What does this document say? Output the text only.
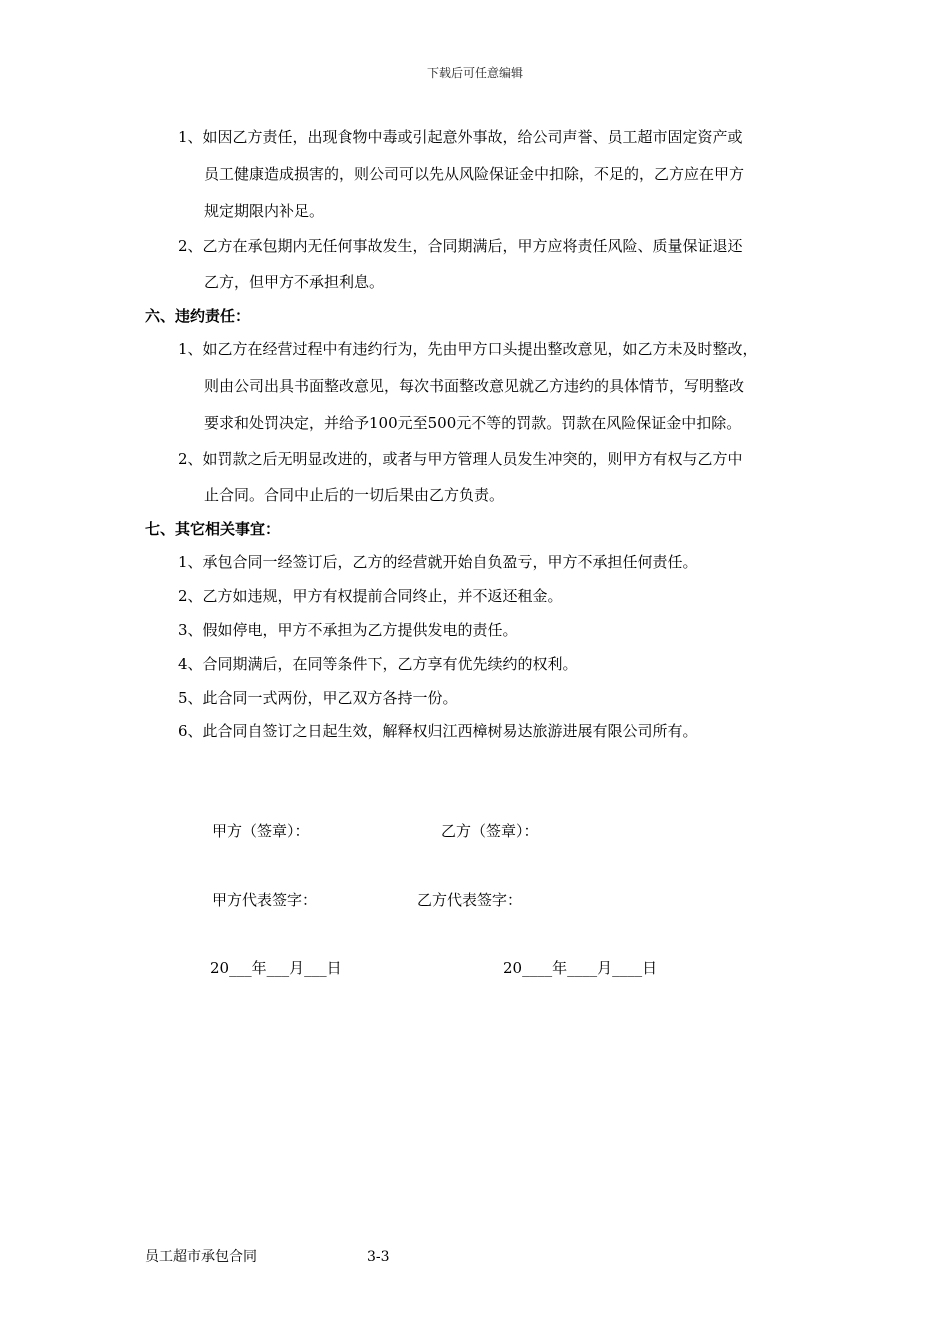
下载后可任意编辑
1、如因乙方责任，出现食物中毒或引起意外事故，给公司声誉、员工超市固定资产或
员工健康造成损害的，则公司可以先从风险保证金中扣除，不足的，乙方应在甲方
规定期限内补足。
2、乙方在承包期内无任何事故发生，合同期满后，甲方应将责任风险、质量保证退还
乙方，但甲方不承担利息。
六、违约责任：
1、如乙方在经营过程中有违约行为，先由甲方口头提出整改意见，如乙方未及时整改，
则由公司出具书面整改意见，每次书面整改意见就乙方违约的具体情节，写明整改
要求和处罚决定，并给予100元至500元不等的罚款。罚款在风险保证金中扣除。
2、如罚款之后无明显改进的，或者与甲方管理人员发生冲突的，则甲方有权与乙方中
止合同。合同中止后的一切后果由乙方负责。
七、其它相关事宜：
1、承包合同一经签订后，乙方的经营就开始自负盈亏，甲方不承担任何责任。
2、乙方如违规，甲方有权提前合同终止，并不返还租金。
3、假如停电，甲方不承担为乙方提供发电的责任。
4、合同期满后，在同等条件下，乙方享有优先续约的权利。
5、此合同一式两份，甲乙双方各持一份。
6、此合同自签订之日起生效，解释权归江西樟树易达旅游进展有限公司所有。
甲方（签章）：	乙方（签章）：
甲方代表签字：	乙方代表签字：
20___年___月___日	20____年____月____日
员工超市承包合同	3-3
